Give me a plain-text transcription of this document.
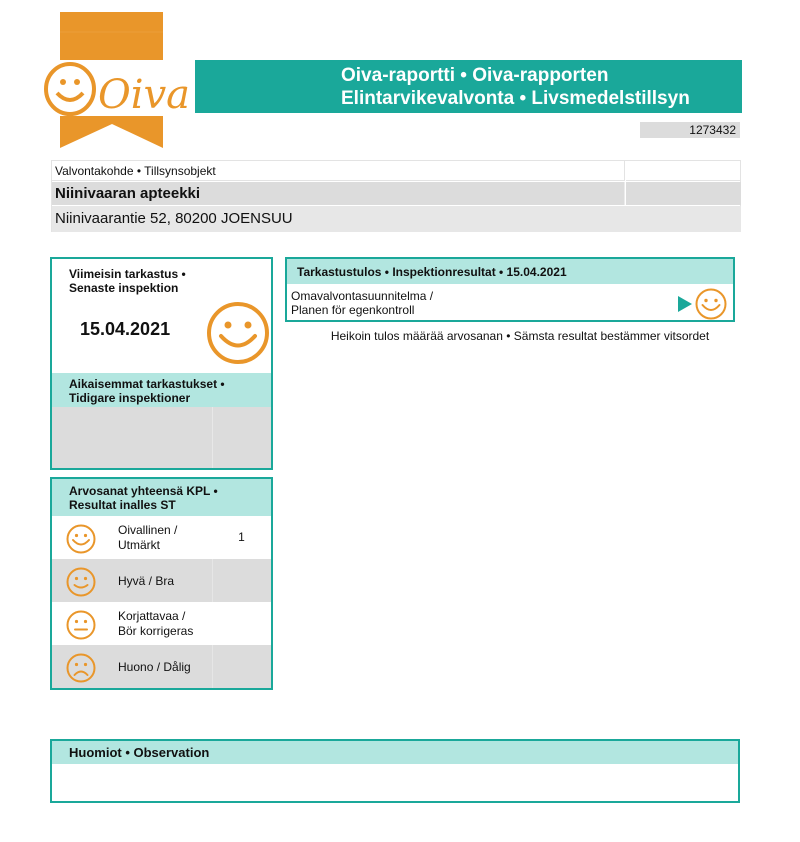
Oiva	Oiva-raportti • Oiva-rapporten
Elintarvikevalvonta • Livsmedelstillsyn
1273432
Valvontakohde • Tillsynsobjekt
Niinivaaran apteekki
Niinivaarantie 52, 80200 JOENSUU
Viimeisin tarkastus •
Senaste inspektion
15.04.2021
Aikaisemmat tarkastukset •
Tidigare inspektioner
Arvosanat yhteensä KPL •
Resultat inalles ST
Oivallinen /
Utmärkt
1
Hyvä / Bra
Korjattavaa /
Bör korrigeras
Huono / Dålig
Tarkastustulos • Inspektionresultat • 15.04.2021
Omavalvontasuunnitelma /
Planen för egenkontroll
Heikoin tulos määrää arvosanan • Sämsta resultat bestämmer vitsordet
Huomiot • Observation
